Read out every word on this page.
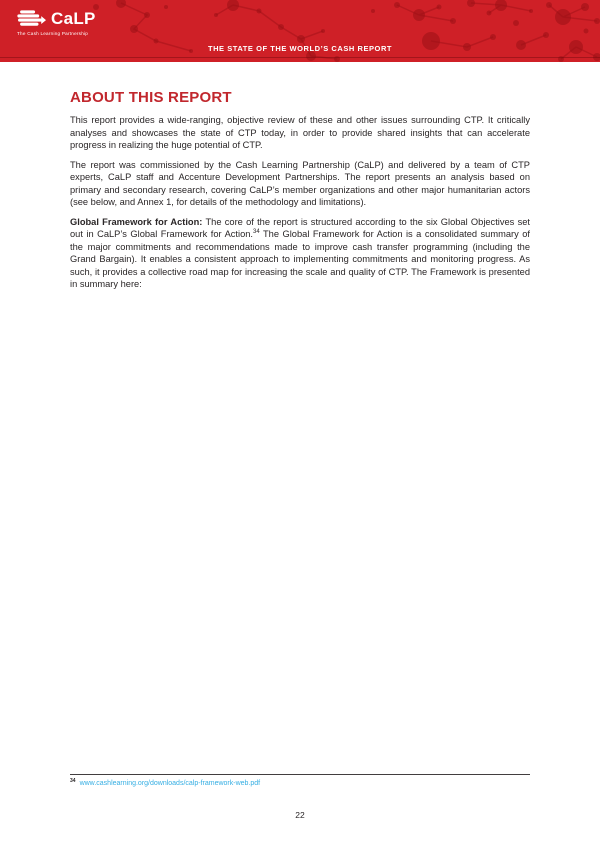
CaLP
The Cash Learning Partnership
THE STATE OF THE WORLD’S CASH REPORT
ABOUT THIS REPORT

This report provides a wide-ranging, objective review of these and other issues surrounding CTP. It critically analyses and showcases the state of CTP today, in order to provide shared insights that can accelerate progress in realizing the huge potential of CTP.

The report was commissioned by the Cash Learning Partnership (CaLP) and delivered by a team of CTP experts, CaLP staff and Accenture Development Partnerships. The report presents an analysis based on primary and secondary research, covering CaLP’s member organizations and other major humanitarian actors (see below, and Annex 1, for details of the methodology and limitations).

Global Framework for Action: The core of the report is structured according to the six Global Objectives set out in CaLP’s Global Framework for Action.$^{34}$ The Global Framework for Action is a consolidated summary of the major commitments and recommendations made to improve cash transfer programming (including the Grand Bargain). It enables a consistent approach to implementing commitments and monitoring progress. As such, it provides a collective road map for increasing the scale and quality of CTP. The Framework is presented in summary here:

$^{34}$ www.cashlearning.org/downloads/calp-framework-web.pdf
22
